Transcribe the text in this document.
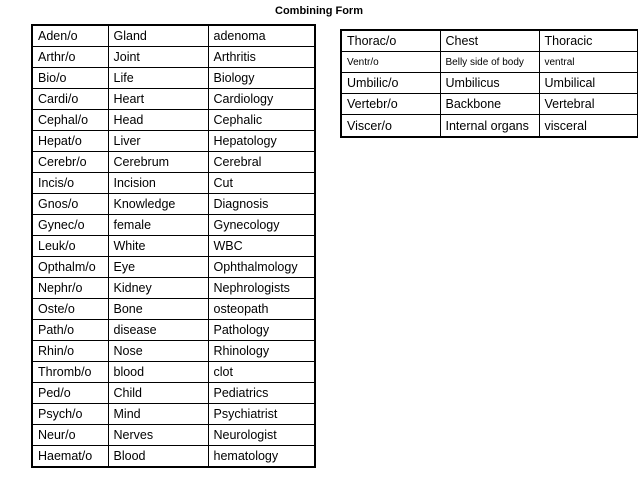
Combining Form
Aden/o	Gland	adenoma
Arthr/o	Joint	Arthritis
Bio/o	Life	Biology
Cardi/o	Heart	Cardiology
Cephal/o	Head	Cephalic
Hepat/o	Liver	Hepatology
Cerebr/o	Cerebrum	Cerebral
Incis/o	Incision	Cut
Gnos/o	Knowledge	Diagnosis
Gynec/o	female	Gynecology
Leuk/o	White	WBC
Opthalm/o	Eye	Ophthalmology
Nephr/o	Kidney	Nephrologists
Oste/o	Bone	osteopath
Path/o	disease	Pathology
Rhin/o	Nose	Rhinology
Thromb/o	blood	clot
Ped/o	Child	Pediatrics
Psych/o	Mind	Psychiatrist
Neur/o	Nerves	Neurologist
Haemat/o	Blood	hematology
Thorac/o	Chest	Thoracic
Ventr/o	Belly side of body	ventral
Umbilic/o	Umbilicus	Umbilical
Vertebr/o	Backbone	Vertebral
Viscer/o	Internal organs	visceral
